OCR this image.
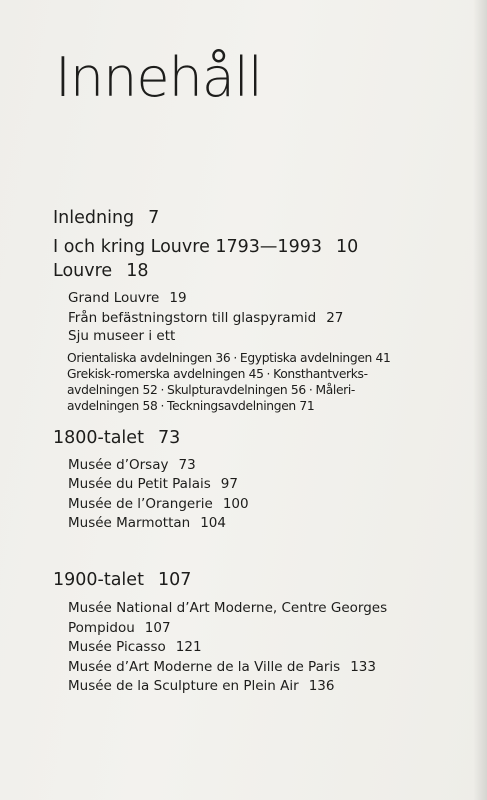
Innehåll
Inledning 7
I och kring Louvre 1793—1993 10
Louvre 18
Grand Louvre 19
Från befästningstorn till glaspyramid 27
Sju museer i ett
Orientaliska avdelningen 36 · Egyptiska avdelningen 41
Grekisk-romerska avdelningen 45 · Konsthantverks-
avdelningen 52 · Skulpturavdelningen 56 · Måleri-
avdelningen 58 · Teckningsavdelningen 71
1800-talet 73
Musée d’Orsay 73
Musée du Petit Palais 97
Musée de l’Orangerie 100
Musée Marmottan 104
1900-talet 107
Musée National d’Art Moderne, Centre Georges
Pompidou 107
Musée Picasso 121
Musée d’Art Moderne de la Ville de Paris 133
Musée de la Sculpture en Plein Air 136
